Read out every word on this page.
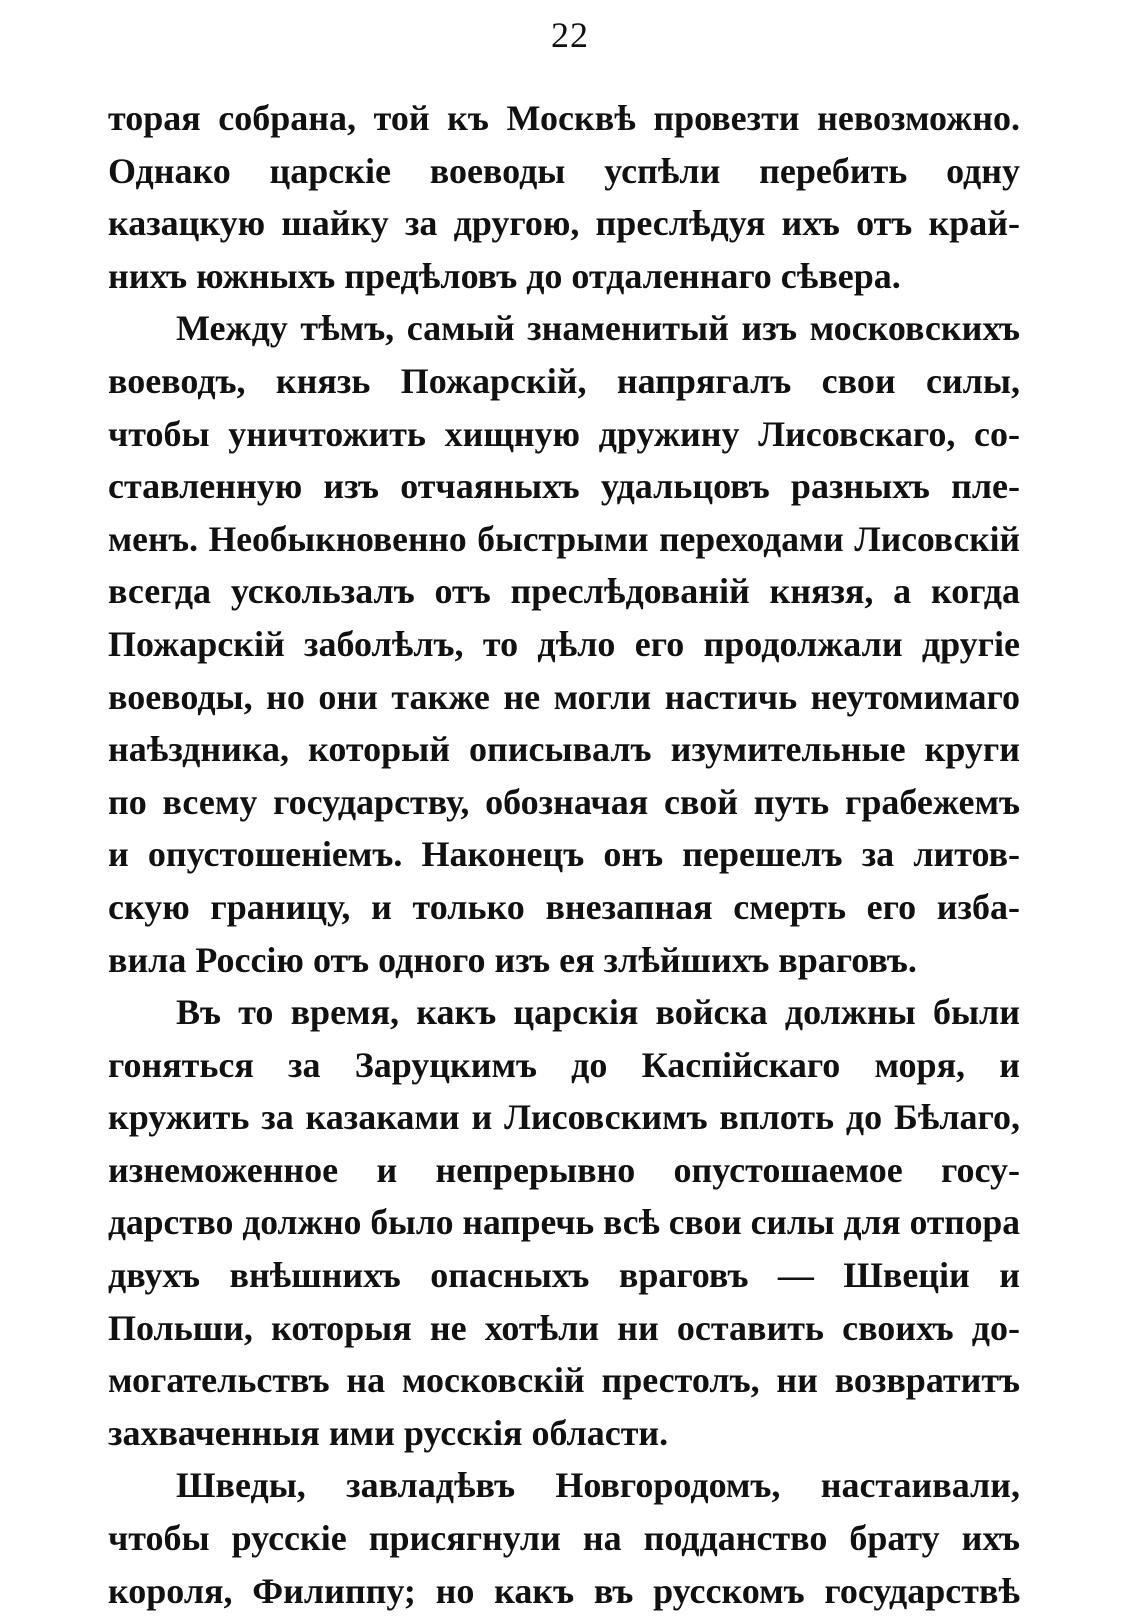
22
торая собрана, той къ Москвѣ провезти невозможно.
Однако царскіе воеводы успѣли перебить одну
казацкую шайку за другою, преслѣдуя ихъ отъ край-
нихъ южныхъ предѣловъ до отдаленнаго сѣвера.
Между тѣмъ, самый знаменитый изъ московскихъ
воеводъ, князь Пожарскій, напрягалъ свои силы,
чтобы уничтожить хищную дружину Лисовскаго, со-
ставленную изъ отчаяныхъ удальцовъ разныхъ пле-
менъ. Необыкновенно быстрыми переходами Лисовскій
всегда ускользалъ отъ преслѣдованій князя, а когда
Пожарскій заболѣлъ, то дѣло его продолжали другіе
воеводы, но они также не могли настичь неутомимаго
наѣздника, который описывалъ изумительные круги
по всему государству, обозначая свой путь грабежемъ
и опустошеніемъ. Наконецъ онъ перешелъ за литов-
скую границу, и только внезапная смерть его изба-
вила Россію отъ одного изъ ея злѣйшихъ враговъ.
Въ то время, какъ царскія войска должны были
гоняться за Заруцкимъ до Каспійскаго моря, и
кружить за казаками и Лисовскимъ вплоть до Бѣлаго,
изнеможенное и непрерывно опустошаемое госу-
дарство должно было напречь всѣ свои силы для отпора
двухъ внѣшнихъ опасныхъ враговъ — Швеціи и
Польши, которыя не хотѣли ни оставить своихъ до-
могательствъ на московскій престолъ, ни возвратитъ
захваченныя ими русскія области.
Шведы, завладѣвъ Новгородомъ, настаивали,
чтобы русскіе присягнули на подданство брату ихъ
короля, Филиппу; но какъ въ русскомъ государствѣ
